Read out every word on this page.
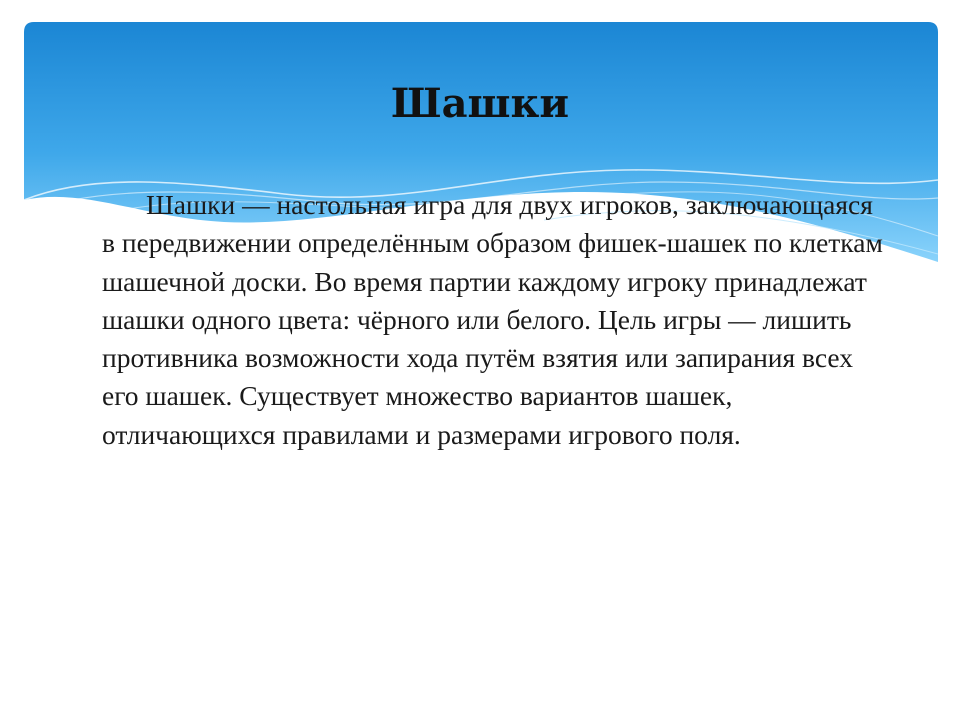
Шашки

Шашки — настольная игра для двух игроков, заключающаяся в передвижении определённым образом фишек-шашек по клеткам шашечной доски. Во время партии каждому игроку принадлежат шашки одного цвета: чёрного или белого. Цель игры — лишить противника возможности хода путём взятия или запирания всех его шашек. Существует множество вариантов шашек, отличающихся правилами и размерами игрового поля.
